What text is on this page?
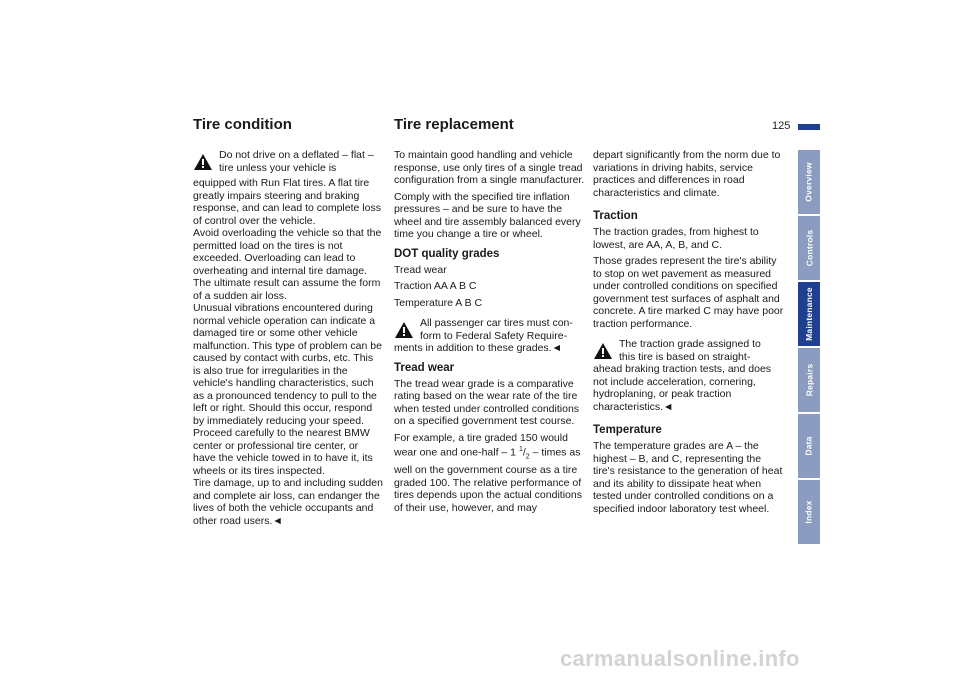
125
Overview
Controls
Maintenance
Repairs
Data
Index
Tire condition	Tire replacement
Do not drive on a deflated – flat –
tire unless your vehicle is

equipped with Run Flat tires. A flat tire greatly impairs steering and braking response, and can lead to complete loss of control over the vehicle.
Avoid overloading the vehicle so that the permitted load on the tires is not exceeded. Overloading can lead to overheating and internal tire damage. The ultimate result can assume the form of a sudden air loss.
Unusual vibrations encountered during normal vehicle operation can indicate a damaged tire or some other vehicle malfunction. This type of problem can be caused by contact with curbs, etc. This is also true for irregularities in the vehicle's handling characteristics, such as a pronounced tendency to pull to the left or right. Should this occur, respond by immediately reducing your speed. Proceed carefully to the nearest BMW center or professional tire center, or have the vehicle towed in to have it, its wheels or its tires inspected.
Tire damage, up to and including sudden and complete air loss, can endanger the lives of both the vehicle occupants and other road users.◄

To maintain good handling and vehicle response, use only tires of a single tread configuration from a single manufacturer.

Comply with the specified tire inflation pressures – and be sure to have the wheel and tire assembly balanced every time you change a tire or wheel.

DOT quality grades

Tread wear

Traction AA A B C

Temperature A B C

All passenger car tires must con-
form to Federal Safety Require-
ments in addition to these grades.◄
Tread wear

The tread wear grade is a comparative rating based on the wear rate of the tire when tested under controlled conditions on a specified government test course.

For example, a tire graded 150 would wear one and one-half – 1 $^1/_2$ – times as well on the government course as a tire graded 100. The relative performance of tires depends upon the actual conditions of their use, however, and may

depart significantly from the norm due to variations in driving habits, service practices and differences in road characteristics and climate.

Traction

The traction grades, from highest to lowest, are AA, A, B, and C.

Those grades represent the tire's ability to stop on wet pavement as measured under controlled conditions on specified government test surfaces of asphalt and concrete. A tire marked C may have poor traction performance.

The traction grade assigned to
this tire is based on straight-
ahead braking traction tests, and does not include acceleration, cornering, hydroplaning, or peak traction characteristics.◄
Temperature

The temperature grades are A – the highest – B, and C, representing the tire's resistance to the generation of heat and its ability to dissipate heat when tested under controlled conditions on a specified indoor laboratory test wheel.

carmanualsonline.info
